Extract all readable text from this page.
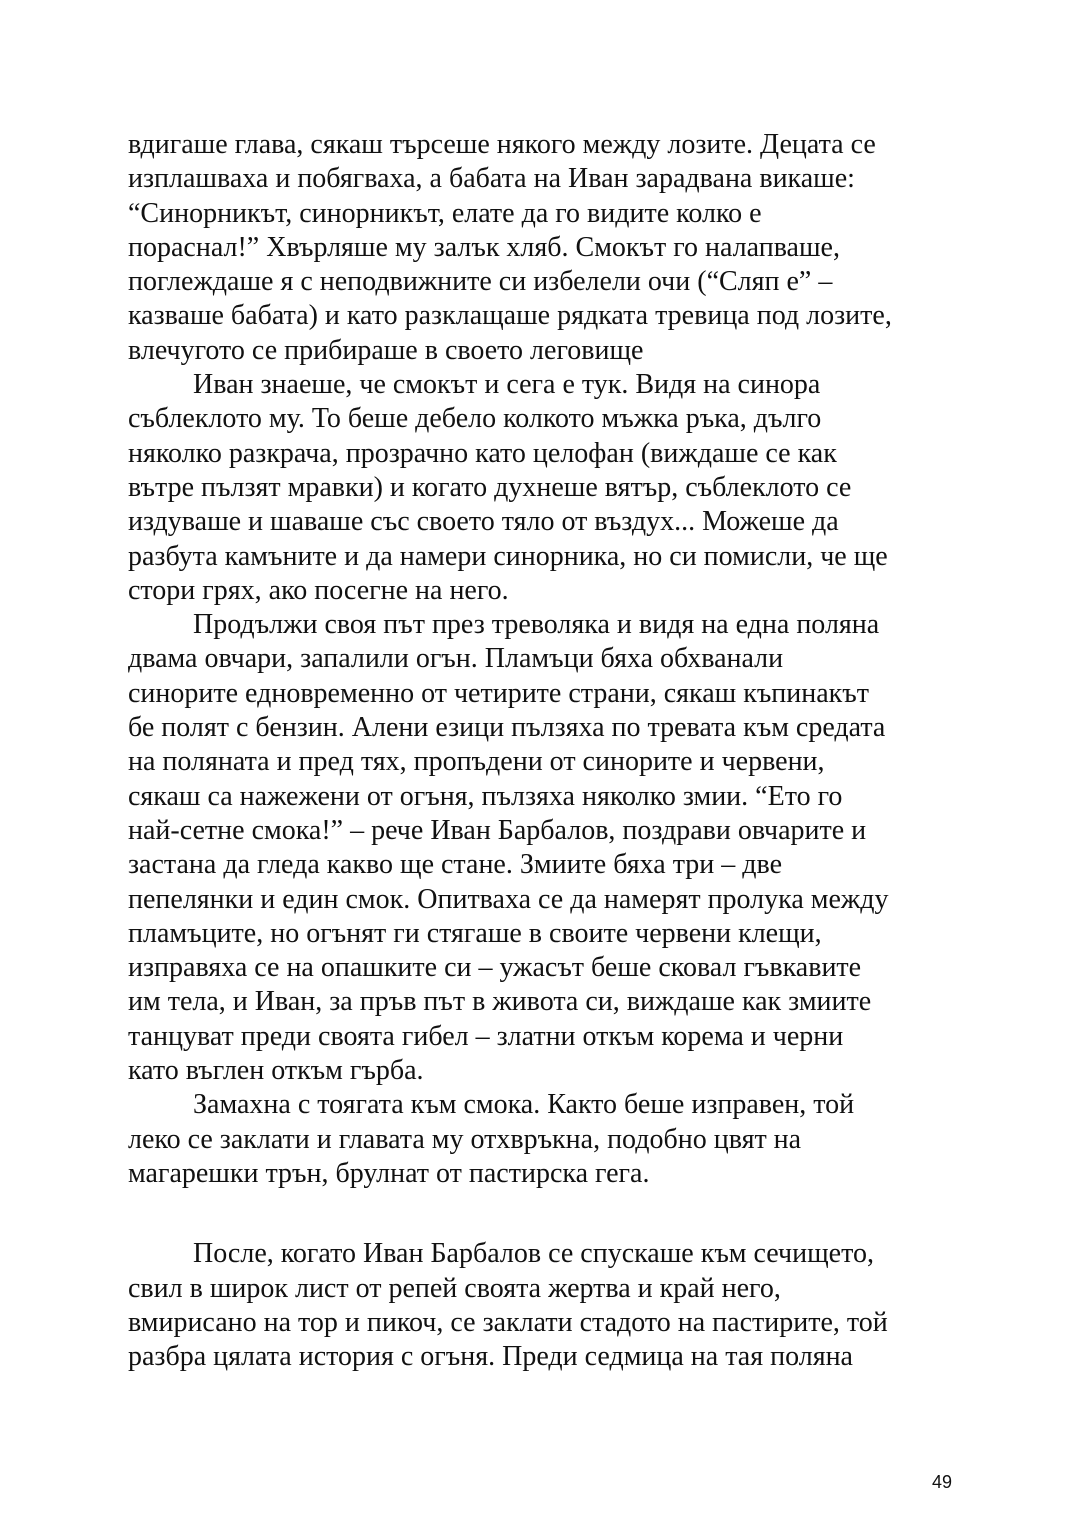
вдигаше глава, сякаш търсеше някого между лозите. Децата се
изплашваха и побягваха, а бабата на Иван зарадвана викаше:
“Синорникът, синорникът, елате да го видите колко е
пораснал!” Хвърляше му залък хляб. Смокът го налапваше,
поглеждаше я с неподвижните си избелели очи (“Сляп е” –
казваше бабата) и като разклащаше рядката тревица под лозите,
влечугото се прибираше в своето леговище

Иван знаеше, че смокът и сега е тук. Видя на синора
съблеклото му. То беше дебело колкото мъжка ръка, дълго
няколко разкрача, прозрачно като целофан (виждаше се как
вътре пълзят мравки) и когато духнеше вятър, съблеклото се
издуваше и шаваше със своето тяло от въздух... Можеше да
разбута камъните и да намери синорника, но си помисли, че ще
стори грях, ако посегне на него.

Продължи своя път през треволяка и видя на една поляна
двама овчари, запалили огън. Пламъци бяха обхванали
синорите едновременно от четирите страни, сякаш къпинакът
бе полят с бензин. Алени езици пълзяха по тревата към средата
на поляната и пред тях, пропъдени от синорите и червени,
сякаш са нажежени от огъня, пълзяха няколко змии. “Ето го
най-сетне смока!” – рече Иван Барбалов, поздрави овчарите и
застана да гледа какво ще стане. Змиите бяха три – две
пепелянки и един смок. Опитваха се да намерят пролука между
пламъците, но огънят ги стягаше в своите червени клещи,
изправяха се на опашките си – ужасът беше сковал гъвкавите
им тела, и Иван, за пръв път в живота си, виждаше как змиите
танцуват преди своята гибел – златни откъм корема и черни
като въглен откъм гърба.

Замахна с тоягата към смока. Както беше изправен, той
леко се заклати и главата му отхвръкна, подобно цвят на
магарешки трън, брулнат от пастирска гега.

После, когато Иван Барбалов се спускаше към сечището,
свил в широк лист от репей своята жертва и край него,
вмирисано на тор и пикоч, се заклати стадото на пастирите, той
разбра цялата история с огъня. Преди седмица на тая поляна

49
